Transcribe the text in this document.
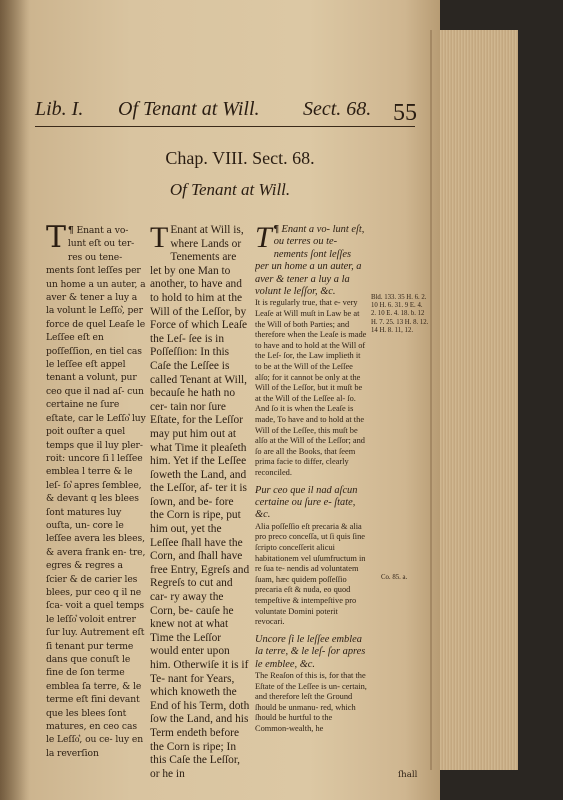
Lib. I. Of Tenant at Will. Sect. 68. 55
Chap. VIII. Sect. 68.
Of Tenant at Will.

¶
T Enant a vo- lunt eſt ou ter- res ou tene- ments ſont leſſes per un home a un auter, a aver & tener a luy a la volunt le Leſſo͛, per force de quel Leaſe le Leſſee eſt en poſſeſſion, en tiel cas le leſſee eſt appel tenant a volunt, pur ceo que il nad aſ- cun certaine ne ſure eſtate, car le Leſſo͛ luy poit ouſter a quel temps que il luy pler- roit: uncore ſi l leſſee emblea l terre & le leſ- ſo͛ apres ſemblee, & devant q les blees ſont matures luy ouſta, un- core le leſſee avera les blees, & avera frank en- tre, egres & regres a ſcier & de carier les blees, pur ceo q il ne ſca- voit a quel temps le leſſo͛ voloit entrer ſur luy. Autrement eſt ſi tenant pur terme dans que conuſt le fine de ſon terme emblea ſa terre, & le terme eſt fini devant que les blees ſont matures, en ceo cas le Leſſo͛, ou ce- luy en la reverſion

T Enant at Will is, where Lands or Tenements are let by one Man to another, to have and to hold to him at the Will of the Leſſor, by Force of which Leaſe the Leſ- ſee is in Poſſeſſion: In this Caſe the Leſſee is called Tenant at Will, becauſe he hath no cer- tain nor ſure Eſtate, for the Leſſor may put him out at what Time it pleaſeth him. Yet if the Leſſee ſoweth the Land, and the Leſſor, af- ter it is ſown, and be- fore the Corn is ripe, put him out, yet the Leſſee ſhall have the Corn, and ſhall have free Entry, Egreſs and Regreſs to cut and car- ry away the Corn, be- cauſe he knew not at what Time the Leſſor would enter upon him. Otherwiſe it is if Te- nant for Years, which knoweth the End of his Term, doth ſow the Land, and his Term endeth before the Corn is ripe; In this Caſe the Leſſor, or he in

¶
T Enant a vo- lunt eſt, ou terres ou te- nements ſont leſſes per un home a un auter, a aver & tener a luy a la volunt le leſſor, &c.

It is regularly true, that e- very Leaſe at Will muſt in Law be at the Will of both Parties; and therefore when the Leaſe is made to have and to hold at the Will of the Leſ- ſor, the Law implieth it to be at the Will of the Leſſee alſo; for it cannot be only at the Will of the Leſſor, but it muſt be at the Will of the Leſſee al- ſo. And ſo it is when the Leaſe is made, To have and to hold at the Will of the Leſſee, this muſt be alſo at the Will of the Leſſor; and ſo are all the Books, that ſeem prima facie to differ, clearly reconciled.

Pur ceo que il nad aſcun certaine ou ſure e- ſtate, &c.

Alia poſſeſſio eſt precaria & alia pro preco conceſſa, ut ſi quis ſine ſcripto conceſſerit alicui habitationem vel uſumfructum in re ſua te- nendis ad voluntatem ſuam, hæc quidem poſſeſſio precaria eſt & nuda, eo quod tempeſtive & intempeſtive pro voluntate Domini poterit revocari.

Uncore ſi le leſſee emblea la terre, & le leſ- ſor apres le emblee, &c.

The Reaſon of this is, for that the Eſtate of the Leſſee is un- certain, and therefore leſt the Ground ſhould be unmanu- red, which ſhould be hurtful to the Common-wealth, he

Bld. 133. 35 H. 6. 2. 10 H. 6. 31. 9 E. 4. 2. 10 E. 4. 18. b. 12 H. 7. 25. 13 H. 8. 12. 14 H. 8. 11, 12.
Co. 85. a.
ſhall
